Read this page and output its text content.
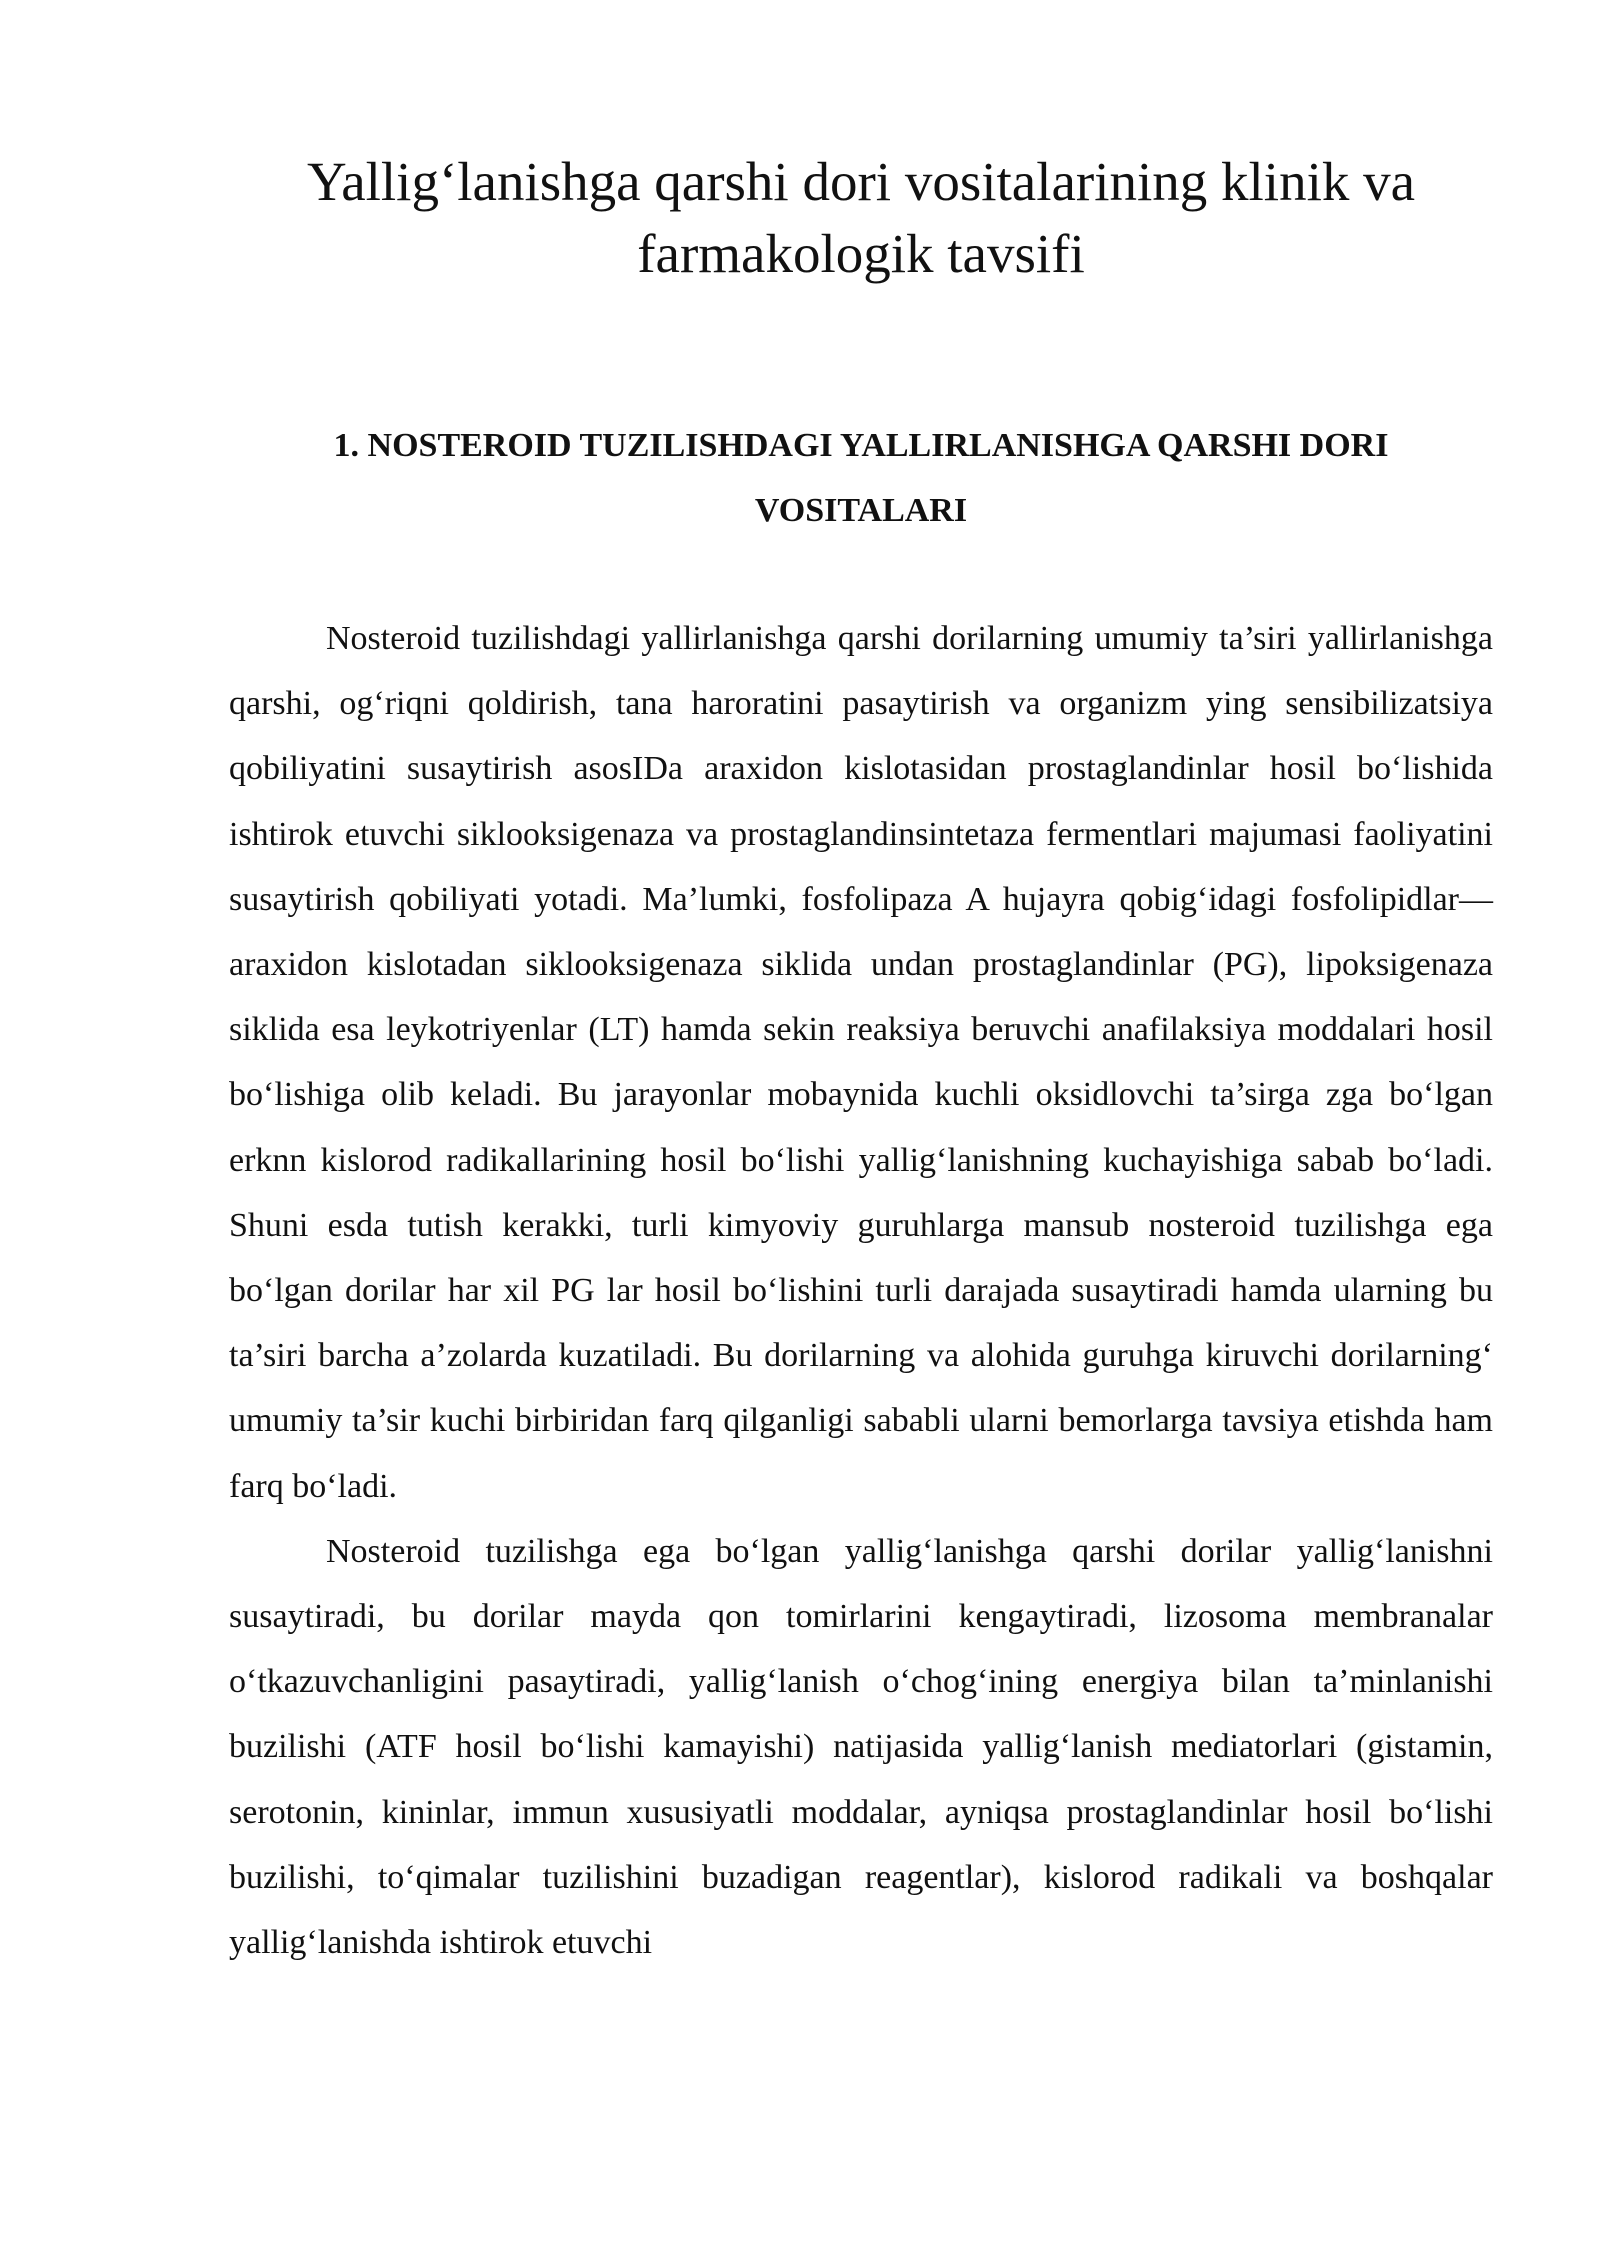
Yallig‘lanishga qarshi dori vositalarining klinik va farmakologik tavsifi
1. NOSTEROID TUZILISHDAGI YALLIRLANISHGA QARSHI DORI VOSITALARI

Nosteroid tuzilishdagi yallirlanishga qarshi dorilarning umumiy ta’siri yallirlanishga qarshi, og‘riqni qoldirish, tana haroratini pasaytirish va organizm ying sensibilizatsiya qobiliyatini susaytirish asosIDa araxidon kislotasidan prostaglandinlar hosil bo‘lishida ishtirok etuvchi siklooksigenaza va prostaglandinsintetaza fermentlari majumasi faoliyatini susaytirish qobiliyati yotadi. Ma’lumki, fosfolipaza A hujayra qobig‘idagi fosfolipidlar—araxidon kislotadan siklooksigenaza siklida undan prostaglandinlar (PG), lipoksigenaza siklida esa leykotriyenlar (LT) hamda sekin reaksiya beruvchi anafilaksiya moddalari hosil bo‘lishiga olib keladi. Bu jarayonlar mobaynida kuchli oksidlovchi ta’sirga zga bo‘lgan erknn kislorod radikallarining hosil bo‘lishi yallig‘lanishning kuchayishiga sabab bo‘ladi. Shuni esda tutish kerakki, turli kimyoviy guruhlarga mansub nosteroid tuzilishga ega bo‘lgan dorilar har xil PG lar hosil bo‘lishini turli darajada susaytiradi hamda ularning bu ta’siri barcha a’zolarda kuzatiladi. Bu dorilarning va alohida guruhga kiruvchi dorilarning‘ umumiy ta’sir kuchi birbiridan farq qilganligi sababli ularni bemorlarga tavsiya etishda ham farq bo‘ladi.

Nosteroid tuzilishga ega bo‘lgan yallig‘lanishga qarshi dorilar yallig‘lanishni susaytiradi, bu dorilar mayda qon tomirlarini kengaytiradi, lizosoma membranalar o‘tkazuvchanligini pasaytiradi, yallig‘lanish o‘chog‘ining energiya bilan ta’minlanishi buzilishi (ATF hosil bo‘lishi kamayishi) natijasida yallig‘lanish mediatorlari (gistamin, serotonin, kininlar, immun xususiyatli moddalar, ayniqsa prostaglandinlar hosil bo‘lishi buzilishi, to‘qimalar tuzilishini buzadigan reagentlar), kislorod radikali va boshqalar yallig‘lanishda ishtirok etuvchi
